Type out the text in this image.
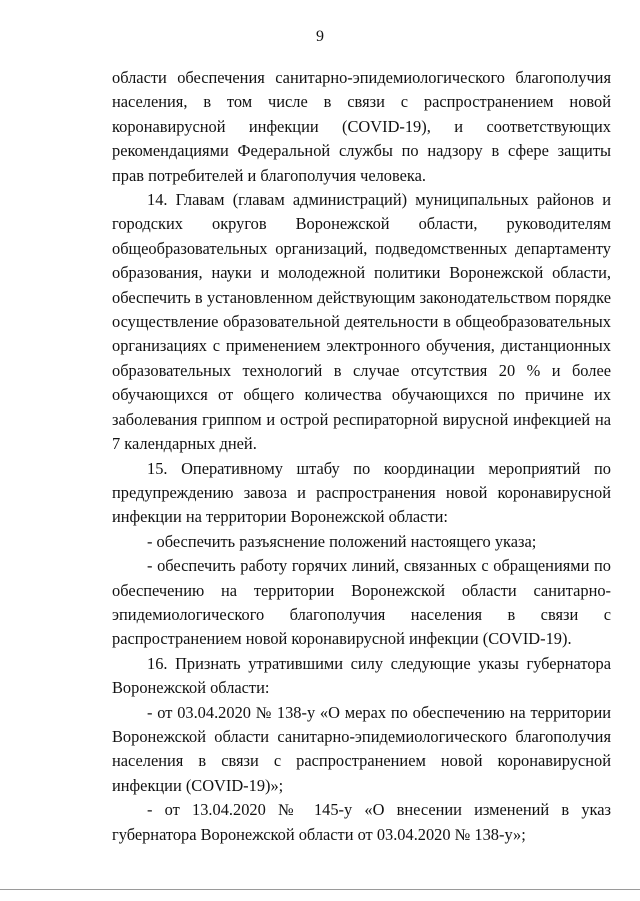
9

области обеспечения санитарно-эпидемиологического благополучия населения, в том числе в связи с распространением новой коронавирусной инфекции (COVID-19), и соответствующих рекомендациями Федеральной службы по надзору в сфере защиты прав потребителей и благополучия человека.

14. Главам (главам администраций) муниципальных районов и городских округов Воронежской области, руководителям общеобразовательных организаций, подведомственных департаменту образования, науки и молодежной политики Воронежской области, обеспечить в установленном действующим законодательством порядке осуществление образовательной деятельности в общеобразовательных организациях с применением электронного обучения, дистанционных образовательных технологий в случае отсутствия 20 % и более обучающихся от общего количества обучающихся по причине их заболевания гриппом и острой респираторной вирусной инфекцией на 7 календарных дней.

15. Оперативному штабу по координации мероприятий по предупреждению завоза и распространения новой коронавирусной инфекции на территории Воронежской области:

- обеспечить разъяснение положений настоящего указа;

- обеспечить работу горячих линий, связанных с обращениями по обеспечению на территории Воронежской области санитарно-эпидемиологического благополучия населения в связи с распространением новой коронавирусной инфекции (COVID-19).

16. Признать утратившими силу следующие указы губернатора Воронежской области:

- от 03.04.2020 № 138-у «О мерах по обеспечению на территории Воронежской области санитарно-эпидемиологического благополучия населения в связи с распространением новой коронавирусной инфекции (COVID-19)»;

- от 13.04.2020 № 145-у «О внесении изменений в указ губернатора Воронежской области от 03.04.2020 № 138-у»;
